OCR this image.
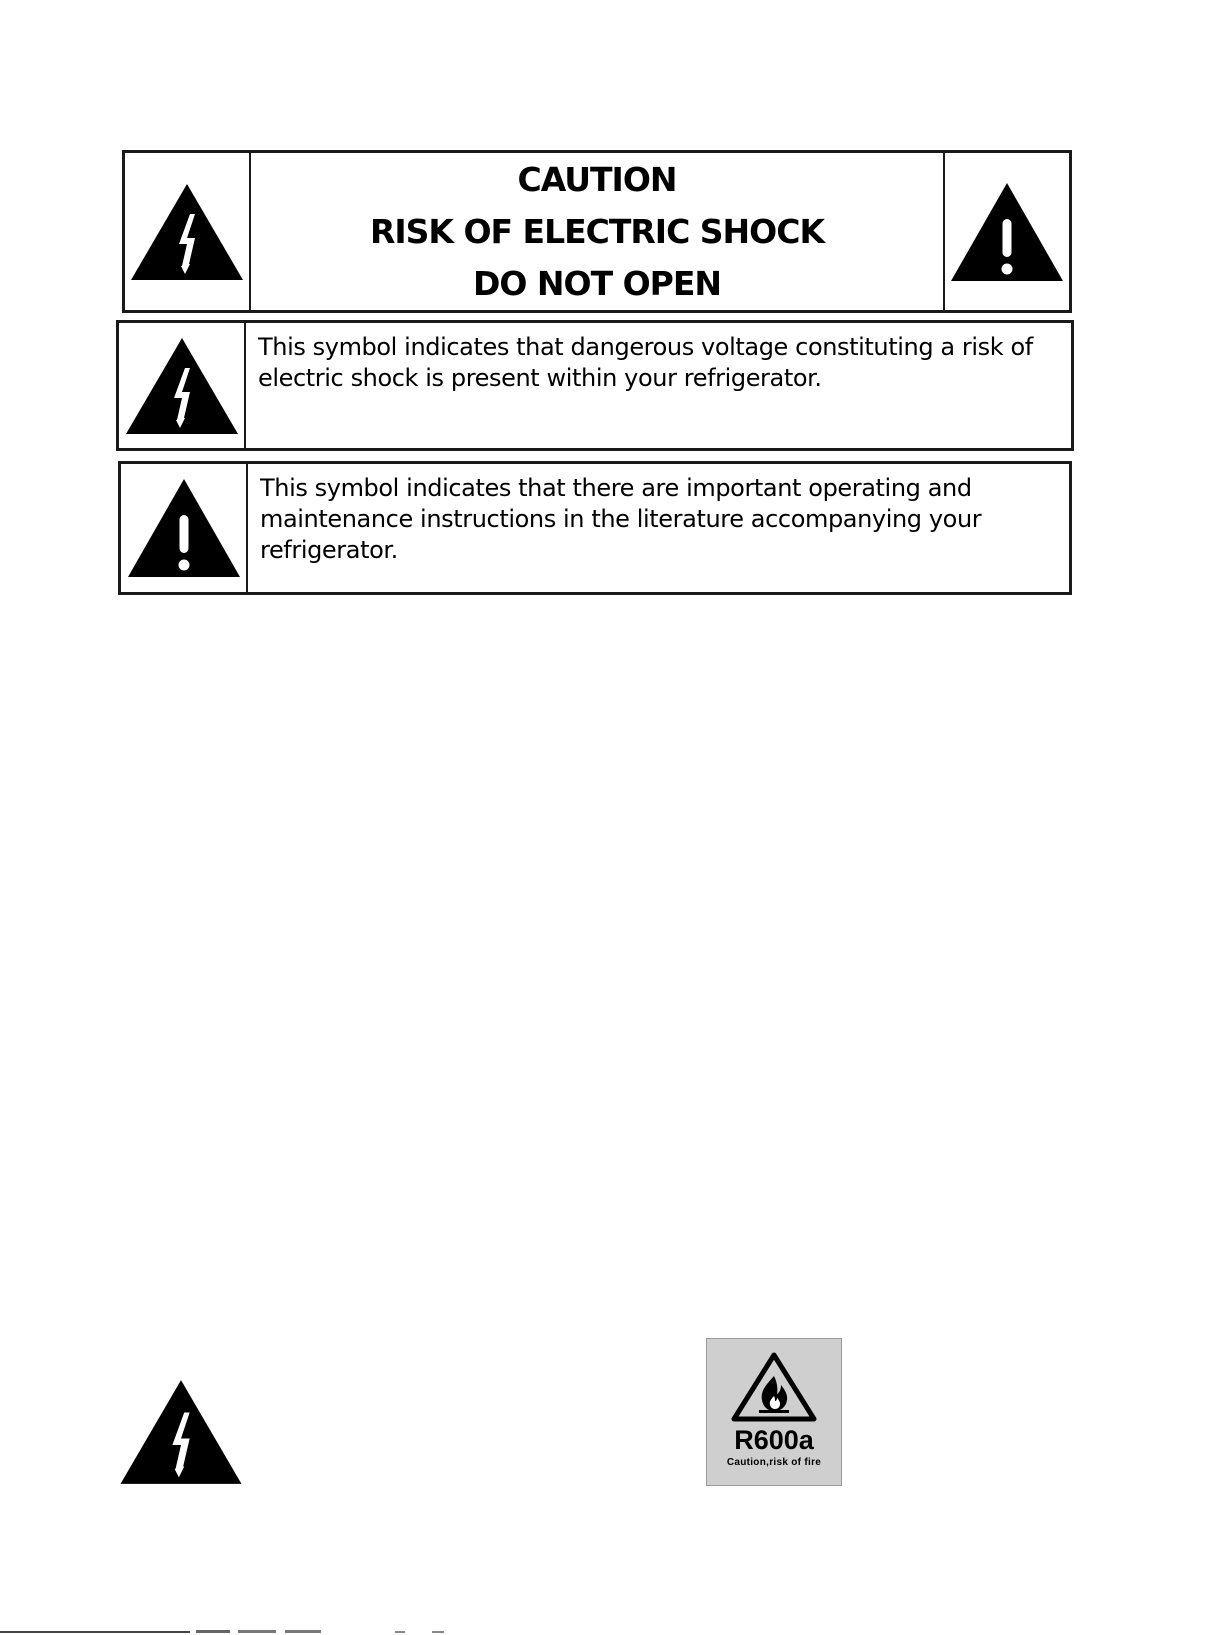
CAUTION
RISK OF ELECTRIC SHOCK
DO NOT OPEN
This symbol indicates that dangerous voltage constituting a risk of
electric shock is present within your refrigerator.
This symbol indicates that there are important operating and
maintenance instructions in the literature accompanying your
refrigerator.
R600a
Caution,risk of fire
